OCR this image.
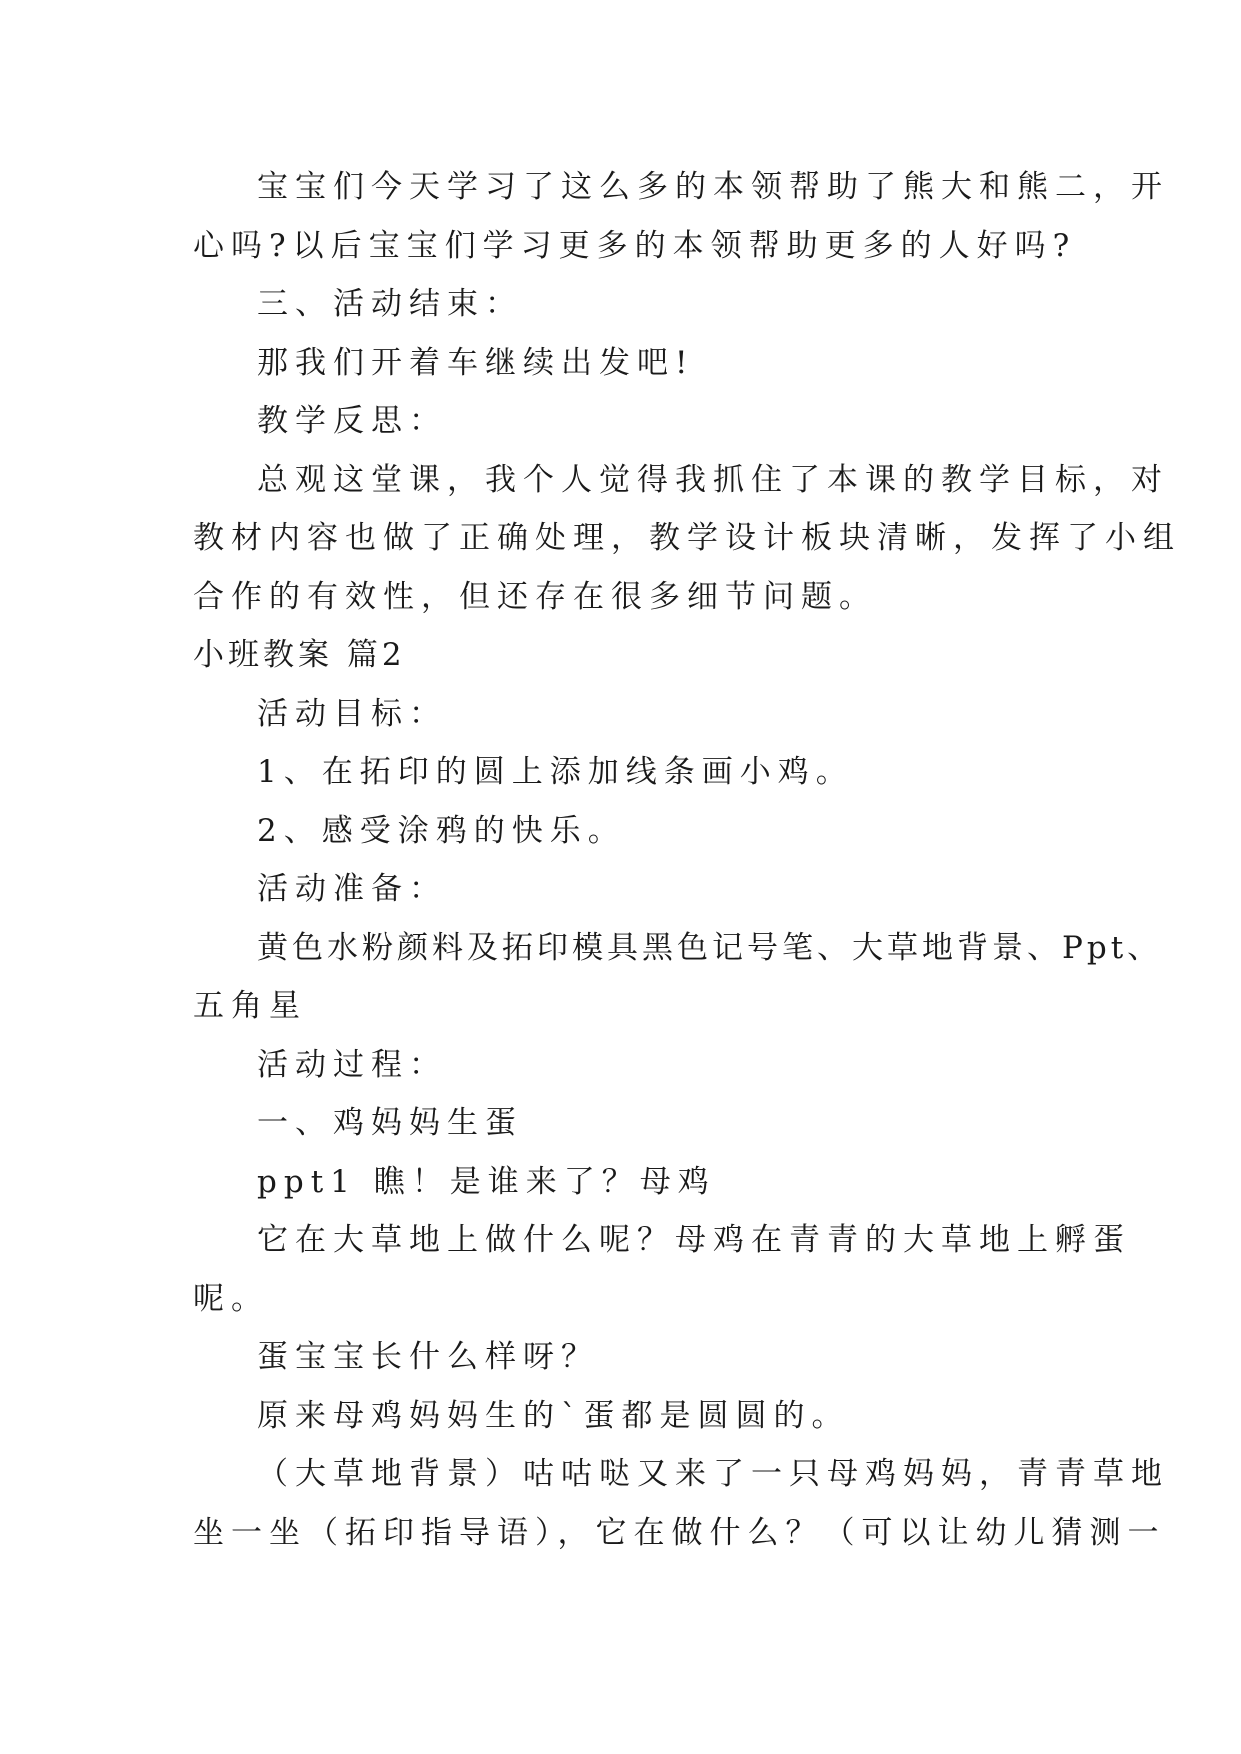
宝宝们今天学习了这么多的本领帮助了熊大和熊二，开
心吗?以后宝宝们学习更多的本领帮助更多的人好吗?
三、活动结束：
那我们开着车继续出发吧!
教学反思：
总观这堂课，我个人觉得我抓住了本课的教学目标，对
教材内容也做了正确处理，教学设计板块清晰，发挥了小组
合作的有效性，但还存在很多细节问题。
小班教案 篇2
活动目标：
1、在拓印的圆上添加线条画小鸡。
2、感受涂鸦的快乐。
活动准备：
黄色水粉颜料及拓印模具黑色记号笔、大草地背景、Ppt、
五角星
活动过程：
一、鸡妈妈生蛋
ppt1 瞧！是谁来了？母鸡
它在大草地上做什么呢？母鸡在青青的大草地上孵蛋
呢。
蛋宝宝长什么样呀？
原来母鸡妈妈生的`蛋都是圆圆的。
（大草地背景）咕咕哒又来了一只母鸡妈妈，青青草地
坐一坐（拓印指导语），它在做什么？（可以让幼儿猜测一
